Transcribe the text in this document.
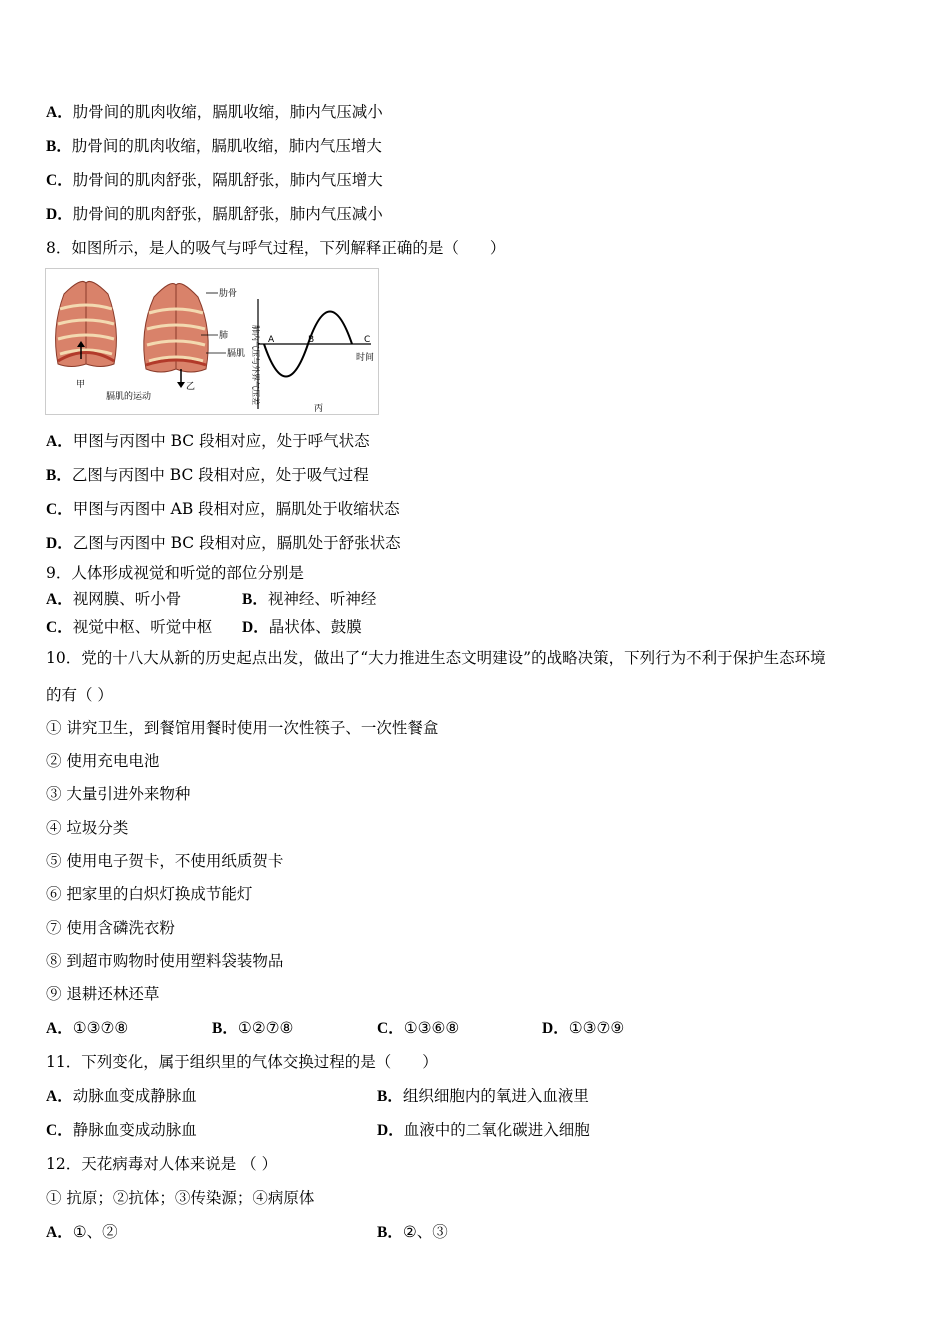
A．肋骨间的肌肉收缩，膈肌收缩，肺内气压减小
B．肋骨间的肌肉收缩，膈肌收缩，肺内气压增大
C．肋骨间的肌肉舒张，隔肌舒张，肺内气压增大
D．肋骨间的肌肉舒张，膈肌舒张，肺内气压减小
8．如图所示，是人的吸气与呼气过程，下列解释正确的是（　　）
甲	乙
膈肌的运动
肋骨
肺
膈肌 肺内气压与外界气压差	时间
A	B	C
丙
A．甲图与丙图中 BC 段相对应，处于呼气状态
B．乙图与丙图中 BC 段相对应，处于吸气过程
C．甲图与丙图中 AB 段相对应，膈肌处于收缩状态
D．乙图与丙图中 BC 段相对应，膈肌处于舒张状态
9．人体形成视觉和听觉的部位分别是
A．视网膜、听小骨	B．视神经、听神经
C．视觉中枢、听觉中枢 D．晶状体、鼓膜
10．党的十八大从新的历史起点出发，做出了“大力推进生态文明建设”的战略决策，下列行为不利于保护生态环境
的有（ ）
① 讲究卫生，到餐馆用餐时使用一次性筷子、一次性餐盒
② 使用充电电池
③ 大量引进外来物种
④ 垃圾分类
⑤ 使用电子贺卡，不使用纸质贺卡
⑥ 把家里的白炽灯换成节能灯
⑦ 使用含磷洗衣粉
⑧ 到超市购物时使用塑料袋装物品
⑨ 退耕还林还草
A．①③⑦⑧	B．①②⑦⑧	C．①③⑥⑧	D．①③⑦⑨
11．下列变化，属于组织里的气体交换过程的是（　　）
A．动脉血变成静脉血	B．组织细胞内的氧进入血液里
C．静脉血变成动脉血	D．血液中的二氧化碳进入细胞
12．天花病毒对人体来说是 （ ）
① 抗原；②抗体；③传染源；④病原体
A．①、②	B．②、③
